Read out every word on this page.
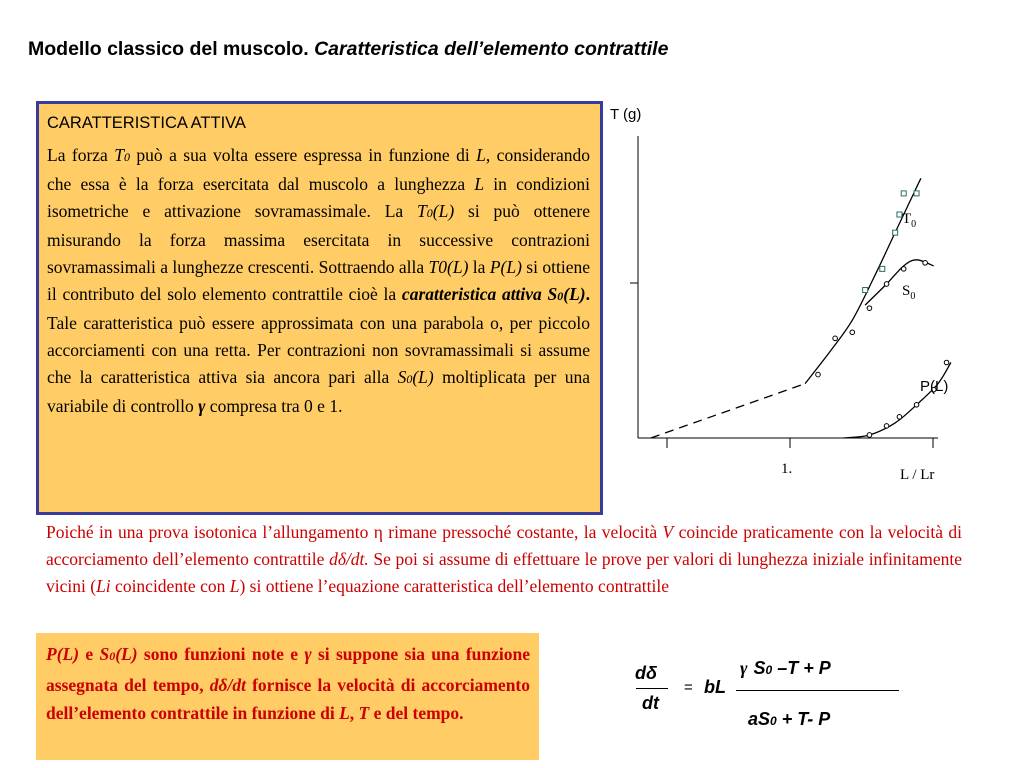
Modello classico del muscolo. Caratteristica dell’elemento contrattile
CARATTERISTICA ATTIVA

La forza T0 può a sua volta essere espressa in funzione di L, considerando che essa è la forza esercitata dal muscolo a lunghezza L in condizioni isometriche e attivazione sovramassimale. La T0(L) si può ottenere misurando la forza massima esercitata in successive contrazioni sovramassimali a lunghezze crescenti. Sottraendo alla T0(L) la P(L) si ottiene il contributo del solo elemento contrattile cioè la caratteristica attiva S0(L). Tale caratteristica può essere approssimata con una parabola o, per piccolo accorciamenti con una retta. Per contrazioni non sovramassimali si assume che la caratteristica attiva sia ancora pari alla S0(L) moltiplicata per una variabile di controllo γ compresa tra 0 e 1.

T (g)
1.	L / Lr
$T_0$
$S_0$
P(L)

Poiché in una prova isotonica l’allungamento η rimane pressoché costante, la velocità V coincide praticamente con la velocità di accorciamento dell’elemento contrattile dδ/dt. Se poi si assume di effettuare le prove per valori di lunghezza iniziale infinitamente vicini (Li coincidente con L) si ottiene l’equazione caratteristica dell’elemento contrattile

P(L) e S0(L) sono funzioni note e γ si suppone sia una funzione assegnata del tempo, dδ/dt fornisce la velocità di accorciamento dell’elemento contrattile in funzione di L, T e del tempo.

dδ
dt
= bL
γ S0 –T + P
aS0 + T- P
